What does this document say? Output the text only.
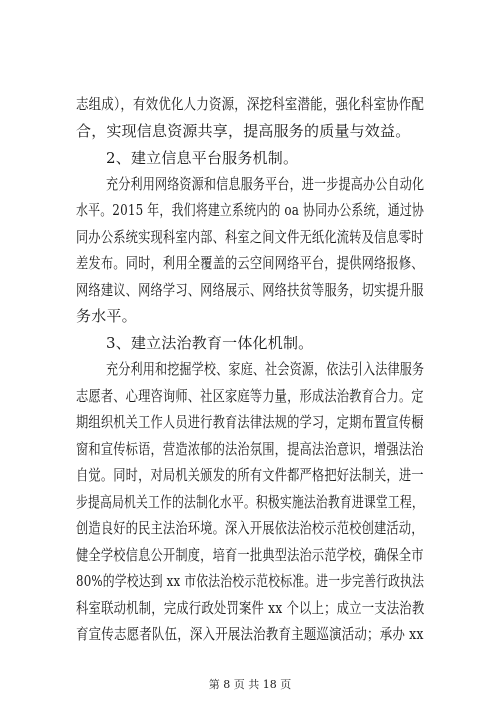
志组成），有效优化人力资源，深挖科室潜能，强化科室协作配
合，实现信息资源共享，提高服务的质量与效益。
2、建立信息平台服务机制。
充分利用网络资源和信息服务平台，进一步提高办公自动化
水平。2015 年，我们将建立系统内的 oa 协同办公系统，通过协
同办公系统实现科室内部、科室之间文件无纸化流转及信息零时
差发布。同时，利用全覆盖的云空间网络平台，提供网络报修、
网络建议、网络学习、网络展示、网络扶贫等服务，切实提升服
务水平。
3、建立法治教育一体化机制。
充分利用和挖掘学校、家庭、社会资源，依法引入法律服务
志愿者、心理咨询师、社区家庭等力量，形成法治教育合力。定
期组织机关工作人员进行教育法律法规的学习，定期布置宣传橱
窗和宣传标语，营造浓郁的法治氛围，提高法治意识，增强法治
自觉。同时，对局机关颁发的所有文件都严格把好法制关，进一
步提高局机关工作的法制化水平。积极实施法治教育进课堂工程，
创造良好的民主法治环境。深入开展依法治校示范校创建活动，
健全学校信息公开制度，培育一批典型法治示范学校，确保全市
80%的学校达到 xx 市依法治校示范校标准。进一步完善行政执法
科室联动机制，完成行政处罚案件 xx 个以上；成立一支法治教
育宣传志愿者队伍，深入开展法治教育主题巡演活动；承办 xx
第 8 页 共 18 页
